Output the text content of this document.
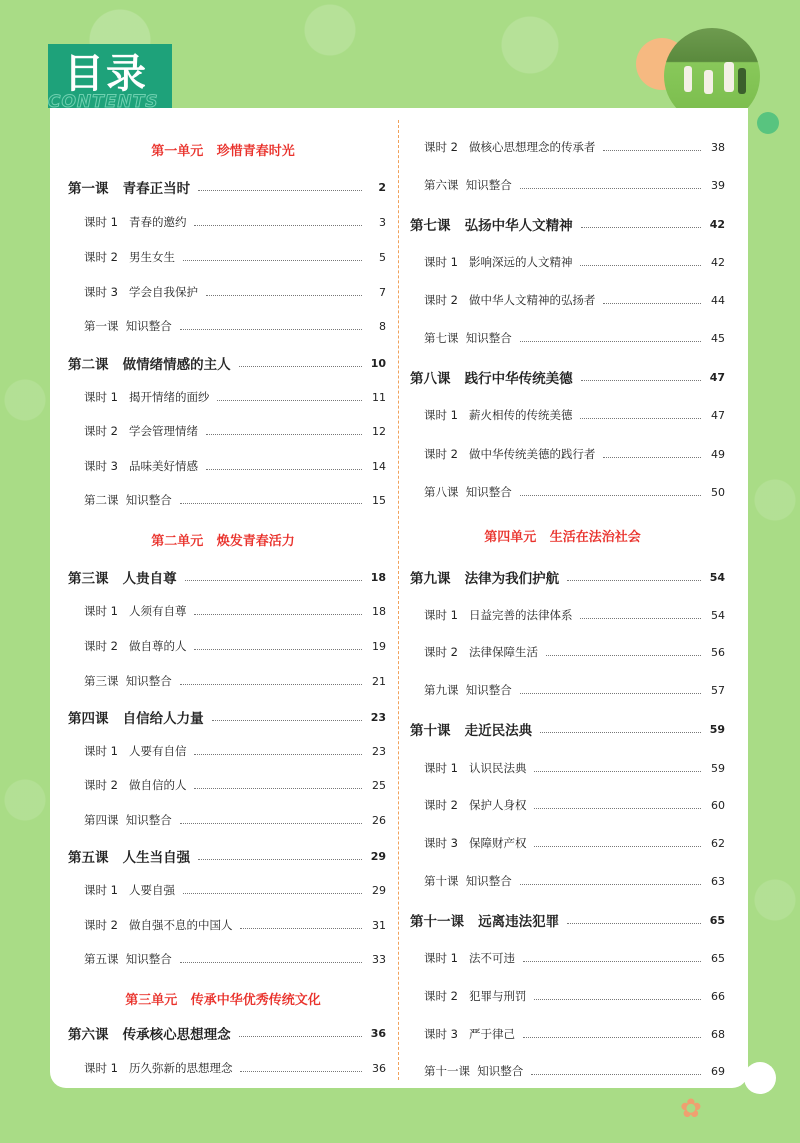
目录
CONTENTS
第一单元   珍惜青春时光
第一课   青春正当时	2
课时 1   青春的邀约	3
课时 2   男生女生	5
课时 3   学会自我保护	7
第一课  知识整合	8
第二课   做情绪情感的主人	10
课时 1   揭开情绪的面纱	11
课时 2   学会管理情绪	12
课时 3   品味美好情感	14
第二课  知识整合	15
第二单元   焕发青春活力
第三课   人贵自尊	18
课时 1   人须有自尊	18
课时 2   做自尊的人	19
第三课  知识整合	21
第四课   自信给人力量	23
课时 1   人要有自信	23
课时 2   做自信的人	25
第四课  知识整合	26
第五课   人生当自强	29
课时 1   人要自强	29
课时 2   做自强不息的中国人	31
第五课  知识整合	33
第三单元   传承中华优秀传统文化
第六课   传承核心思想理念	36
课时 1   历久弥新的思想理念	36
课时 2   做核心思想理念的传承者	38
第六课  知识整合	39
第七课   弘扬中华人文精神	42
课时 1   影响深远的人文精神	42
课时 2   做中华人文精神的弘扬者	44
第七课  知识整合	45
第八课   践行中华传统美德	47
课时 1   薪火相传的传统美德	47
课时 2   做中华传统美德的践行者	49
第八课  知识整合	50
第四单元   生活在法治社会
第九课   法律为我们护航	54
课时 1   日益完善的法律体系	54
课时 2   法律保障生活	56
第九课  知识整合	57
第十课   走近民法典	59
课时 1   认识民法典	59
课时 2   保护人身权	60
课时 3   保障财产权	62
第十课  知识整合	63
第十一课   远离违法犯罪	65
课时 1   法不可违	65
课时 2   犯罪与刑罚	66
课时 3   严于律己	68
第十一课  知识整合	69
✿
